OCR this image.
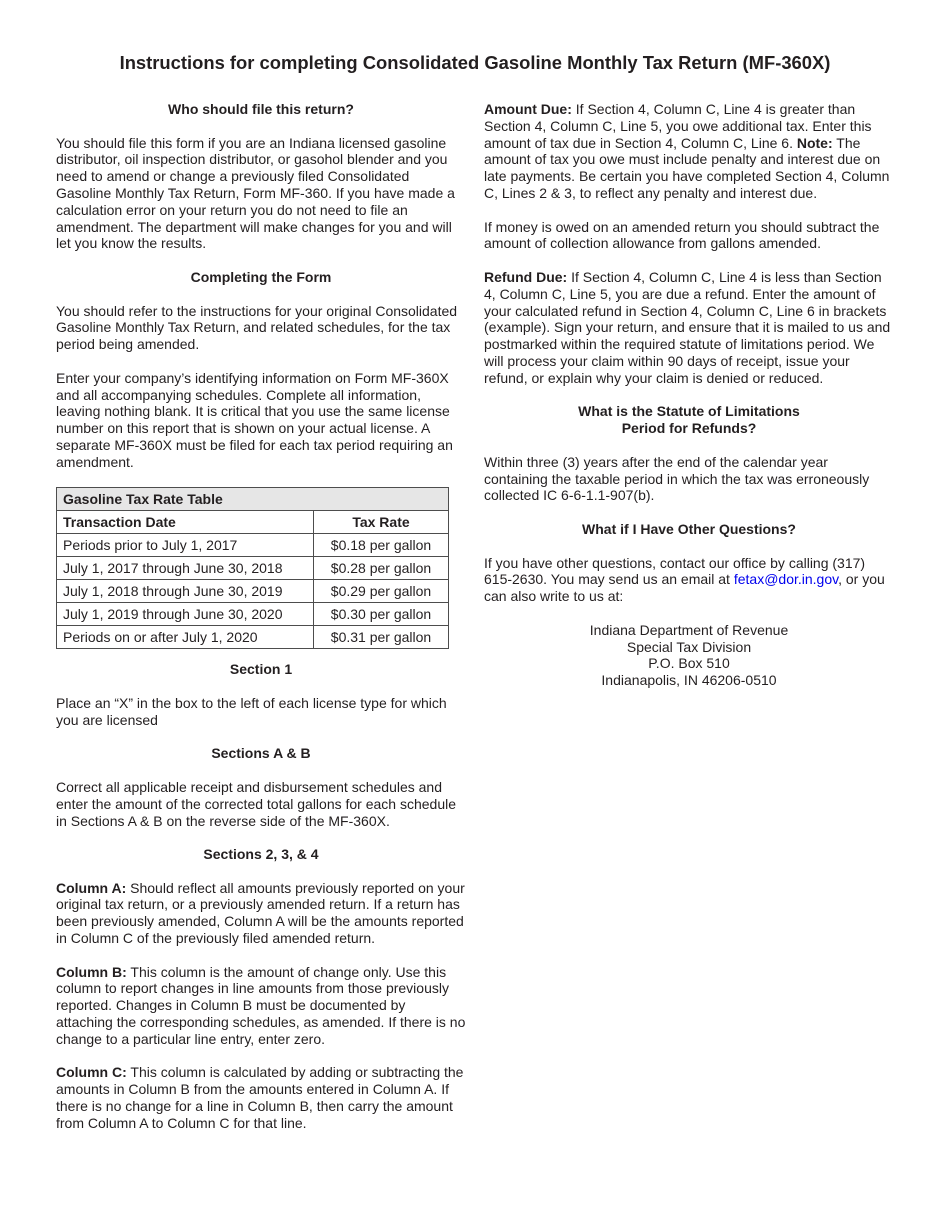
Instructions for completing Consolidated Gasoline Monthly Tax Return (MF-360X)
Who should file this return?

You should file this form if you are an Indiana licensed gasoline distributor, oil inspection distributor, or gasohol blender and you need to amend or change a previously filed Consolidated Gasoline Monthly Tax Return, Form MF-360. If you have made a calculation error on your return you do not need to file an amendment. The department will make changes for you and will let you know the results.

Completing the Form

You should refer to the instructions for your original Consolidated Gasoline Monthly Tax Return, and related schedules, for the tax period being amended.

Enter your company’s identifying information on Form MF-360X and all accompanying schedules. Complete all information, leaving nothing blank. It is critical that you use the same license number on this report that is shown on your actual license. A separate MF-360X must be filed for each tax period requiring an amendment.

Gasoline Tax Rate Table	
Transaction Date	Tax Rate
Periods prior to July 1, 2017	$0.18 per gallon
July 1, 2017 through June 30, 2018	$0.28 per gallon
July 1, 2018 through June 30, 2019	$0.29 per gallon
July 1, 2019 through June 30, 2020	$0.30 per gallon
Periods on or after July 1, 2020	$0.31 per gallon
Section 1

Place an “X” in the box to the left of each license type for which you are licensed

Sections A & B

Correct all applicable receipt and disbursement schedules and enter the amount of the corrected total gallons for each schedule in Sections A & B on the reverse side of the MF-360X.

Sections 2, 3, & 4

Column A: Should reflect all amounts previously reported on your original tax return, or a previously amended return. If a return has been previously amended, Column A will be the amounts reported in Column C of the previously filed amended return.

Column B: This column is the amount of change only. Use this column to report changes in line amounts from those previously reported. Changes in Column B must be documented by attaching the corresponding schedules, as amended. If there is no change to a particular line entry, enter zero.

Column C: This column is calculated by adding or subtracting the amounts in Column B from the amounts entered in Column A. If there is no change for a line in Column B, then carry the amount from Column A to Column C for that line.

Amount Due: If Section 4, Column C, Line 4 is greater than Section 4, Column C, Line 5, you owe additional tax. Enter this amount of tax due in Section 4, Column C, Line 6. Note: The amount of tax you owe must include penalty and interest due on late payments. Be certain you have completed Section 4, Column C, Lines 2 & 3, to reflect any penalty and interest due.

If money is owed on an amended return you should subtract the amount of collection allowance from gallons amended.

Refund Due: If Section 4, Column C, Line 4 is less than Section 4, Column C, Line 5, you are due a refund. Enter the amount of your calculated refund in Section 4, Column C, Line 6 in brackets (example). Sign your return, and ensure that it is mailed to us and postmarked within the required statute of limitations period. We will process your claim within 90 days of receipt, issue your refund, or explain why your claim is denied or reduced.

What is the Statute of Limitations
Period for Refunds?

Within three (3) years after the end of the calendar year containing the taxable period in which the tax was erroneously collected IC 6-6-1.1-907(b).

What if I Have Other Questions?

If you have other questions, contact our office by calling (317) 615-2630. You may send us an email at fetax@dor.in.gov, or you can also write to us at:

Indiana Department of Revenue
Special Tax Division
P.O. Box 510
Indianapolis, IN 46206-0510
